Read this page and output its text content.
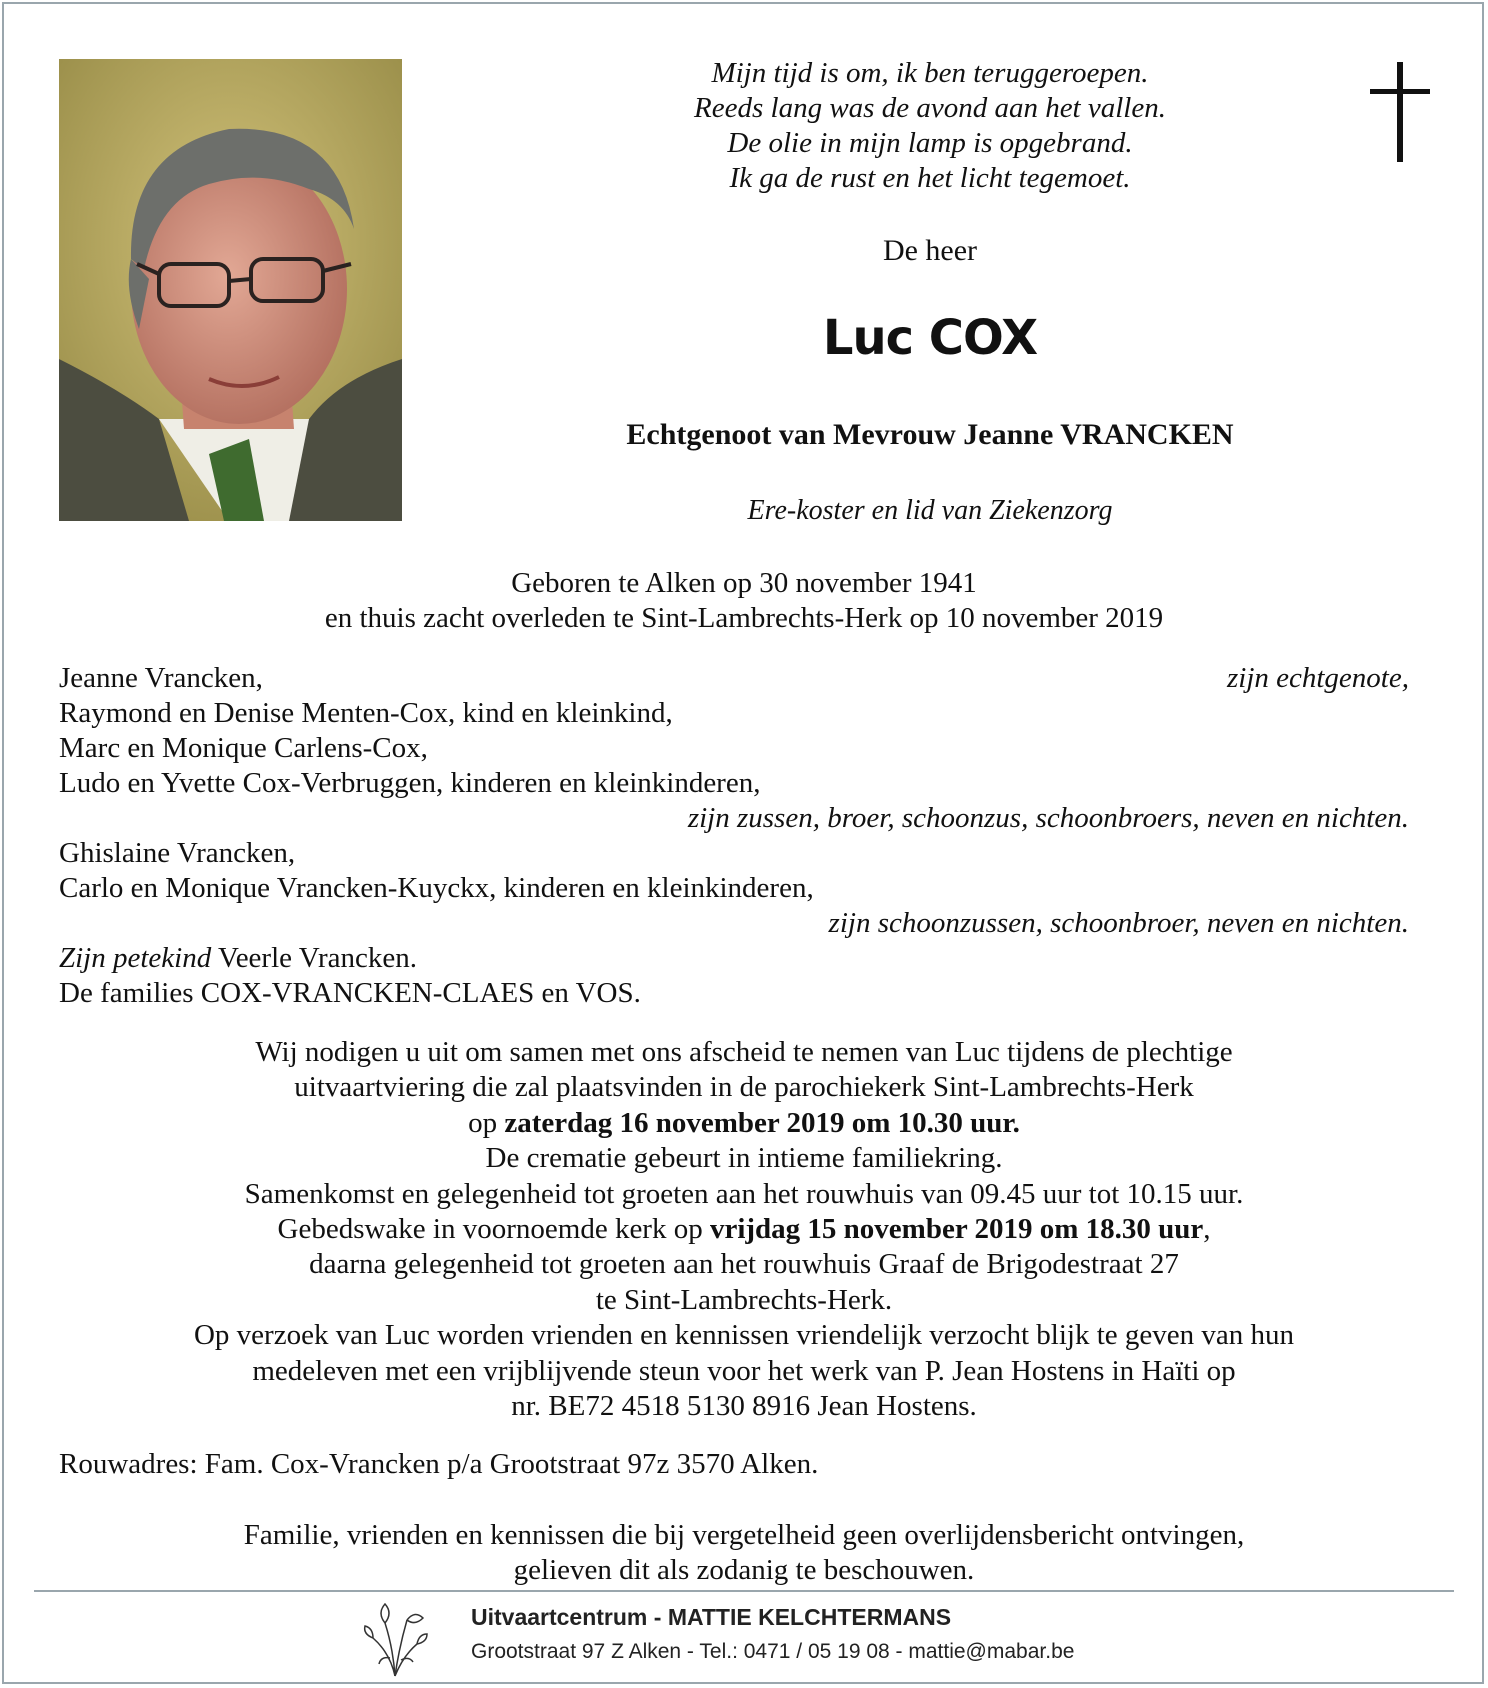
Mijn tijd is om, ik ben teruggeroepen.
Reeds lang was de avond aan het vallen.
De olie in mijn lamp is opgebrand.
Ik ga de rust en het licht tegemoet.
De heer
Luc COX
Echtgenoot van Mevrouw Jeanne VRANCKEN
Ere-koster en lid van Ziekenzorg
Geboren te Alken op 30 november 1941
en thuis zacht overleden te Sint-Lambrechts-Herk op 10 november 2019
Jeanne Vrancken,	zijn echtgenote,
Raymond en Denise Menten-Cox, kind en kleinkind,
Marc en Monique Carlens-Cox,
Ludo en Yvette Cox-Verbruggen, kinderen en kleinkinderen,
zijn zussen, broer, schoonzus, schoonbroers, neven en nichten.
Ghislaine Vrancken,
Carlo en Monique Vrancken-Kuyckx, kinderen en kleinkinderen,
zijn schoonzussen, schoonbroer, neven en nichten.
Zijn petekind Veerle Vrancken.
De families COX-VRANCKEN-CLAES en VOS.
Wij nodigen u uit om samen met ons afscheid te nemen van Luc tijdens de plechtige
uitvaartviering die zal plaatsvinden in de parochiekerk Sint-Lambrechts-Herk
op zaterdag 16 november 2019 om 10.30 uur.
De crematie gebeurt in intieme familiekring.
Samenkomst en gelegenheid tot groeten aan het rouwhuis van 09.45 uur tot 10.15 uur.
Gebedswake in voornoemde kerk op vrijdag 15 november 2019 om 18.30 uur,
daarna gelegenheid tot groeten aan het rouwhuis Graaf de Brigodestraat 27
te Sint-Lambrechts-Herk.
Op verzoek van Luc worden vrienden en kennissen vriendelijk verzocht blijk te geven van hun
medeleven met een vrijblijvende steun voor het werk van P. Jean Hostens in Haïti op
nr. BE72 4518 5130 8916 Jean Hostens.
Rouwadres: Fam. Cox-Vrancken p/a Grootstraat 97z 3570 Alken.
Familie, vrienden en kennissen die bij vergetelheid geen overlijdensbericht ontvingen,
gelieven dit als zodanig te beschouwen.
Uitvaartcentrum - MATTIE KELCHTERMANS
Grootstraat 97 Z Alken - Tel.: 0471 / 05 19 08 - mattie@mabar.be
